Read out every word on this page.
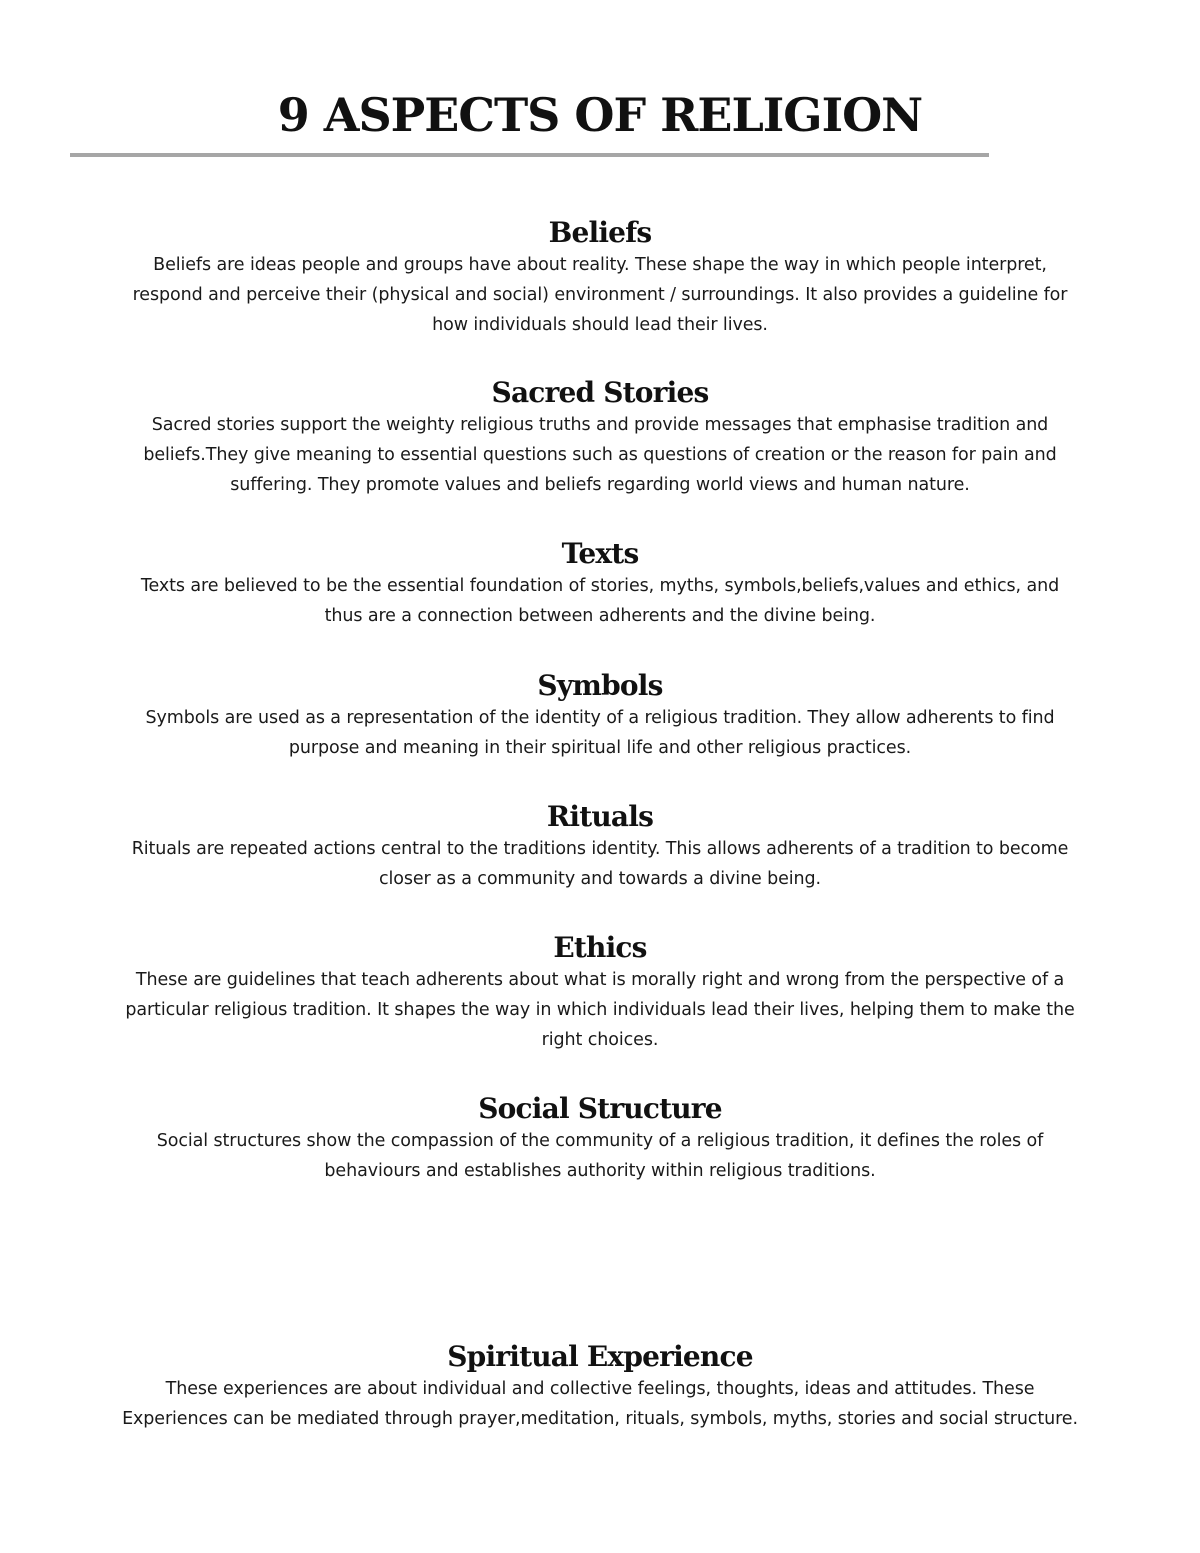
9 ASPECTS OF RELIGION
Beliefs

Beliefs are ideas people and groups have about reality. These shape the way in which people interpret, respond and perceive their (physical and social) environment / surroundings. It also provides a guideline for how individuals should lead their lives.

Sacred Stories

Sacred stories support the weighty religious truths and provide messages that emphasise tradition and beliefs.They give meaning to essential questions such as questions of creation or the reason for pain and suffering. They promote values and beliefs regarding world views and human nature.

Texts

Texts are believed to be the essential foundation of stories, myths, symbols,beliefs,values and ethics, and thus are a connection between adherents and the divine being.

Symbols

Symbols are used as a representation of the identity of a religious tradition. They allow adherents to find purpose and meaning in their spiritual life and other religious practices.

Rituals

Rituals are repeated actions central to the traditions identity. This allows adherents of a tradition to become closer as a community and towards a divine being.

Ethics

These are guidelines that teach adherents about what is morally right and wrong from the perspective of a particular religious tradition. It shapes the way in which individuals lead their lives, helping them to make the right choices.

Social Structure

Social structures show the compassion of the community of a religious tradition, it defines the roles of behaviours and establishes authority within religious traditions.

Spiritual Experience

These experiences are about individual and collective feelings, thoughts, ideas and attitudes. These Experiences can be mediated through prayer,meditation, rituals, symbols, myths, stories and social structure.
